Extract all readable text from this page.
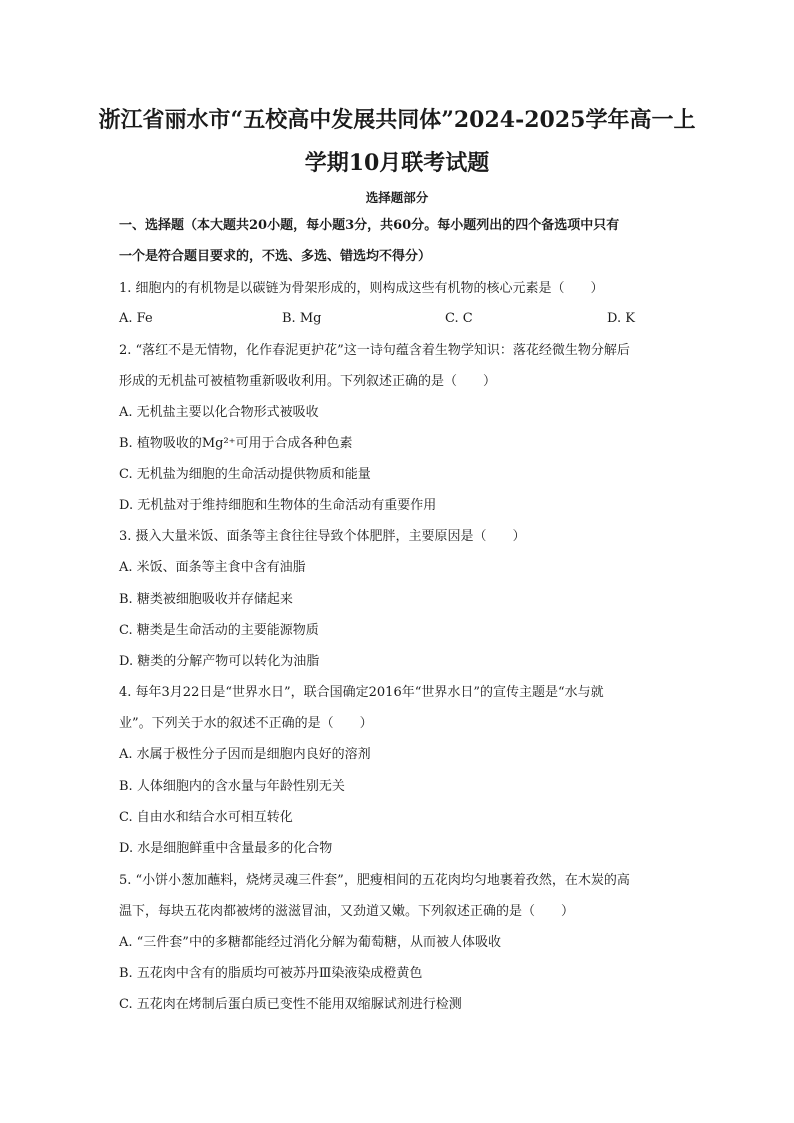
浙江省丽水市“五校高中发展共同体”2024-2025学年高一上
学期10月联考试题
选择题部分
一、选择题（本大题共20小题，每小题3分，共60分。每小题列出的四个备选项中只有
一个是符合题目要求的，不选、多选、错选均不得分）
1. 细胞内的有机物是以碳链为骨架形成的，则构成这些有机物的核心元素是（　　）
A. Fe	B. Mg	C. C	D. K
2. “落红不是无情物，化作春泥更护花”这一诗句蕴含着生物学知识：落花经微生物分解后
形成的无机盐可被植物重新吸收利用。下列叙述正确的是（　　）
A. 无机盐主要以化合物形式被吸收
B. 植物吸收的Mg²⁺可用于合成各种色素
C. 无机盐为细胞的生命活动提供物质和能量
D. 无机盐对于维持细胞和生物体的生命活动有重要作用
3. 摄入大量米饭、面条等主食往往导致个体肥胖，主要原因是（　　）
A. 米饭、面条等主食中含有油脂
B. 糖类被细胞吸收并存储起来
C. 糖类是生命活动的主要能源物质
D. 糖类的分解产物可以转化为油脂
4. 每年3月22日是“世界水日”，联合国确定2016年“世界水日”的宣传主题是“水与就
业”。下列关于水的叙述不正确的是（　　）
A. 水属于极性分子因而是细胞内良好的溶剂
B. 人体细胞内的含水量与年龄性别无关
C. 自由水和结合水可相互转化
D. 水是细胞鲜重中含量最多的化合物
5. “小饼小葱加蘸料，烧烤灵魂三件套”，肥瘦相间的五花肉均匀地裹着孜然，在木炭的高
温下，每块五花肉都被烤的滋滋冒油，又劲道又嫩。下列叙述正确的是（　　）
A. “三件套”中的多糖都能经过消化分解为葡萄糖，从而被人体吸收
B. 五花肉中含有的脂质均可被苏丹Ⅲ染液染成橙黄色
C. 五花肉在烤制后蛋白质已变性不能用双缩脲试剂进行检测
